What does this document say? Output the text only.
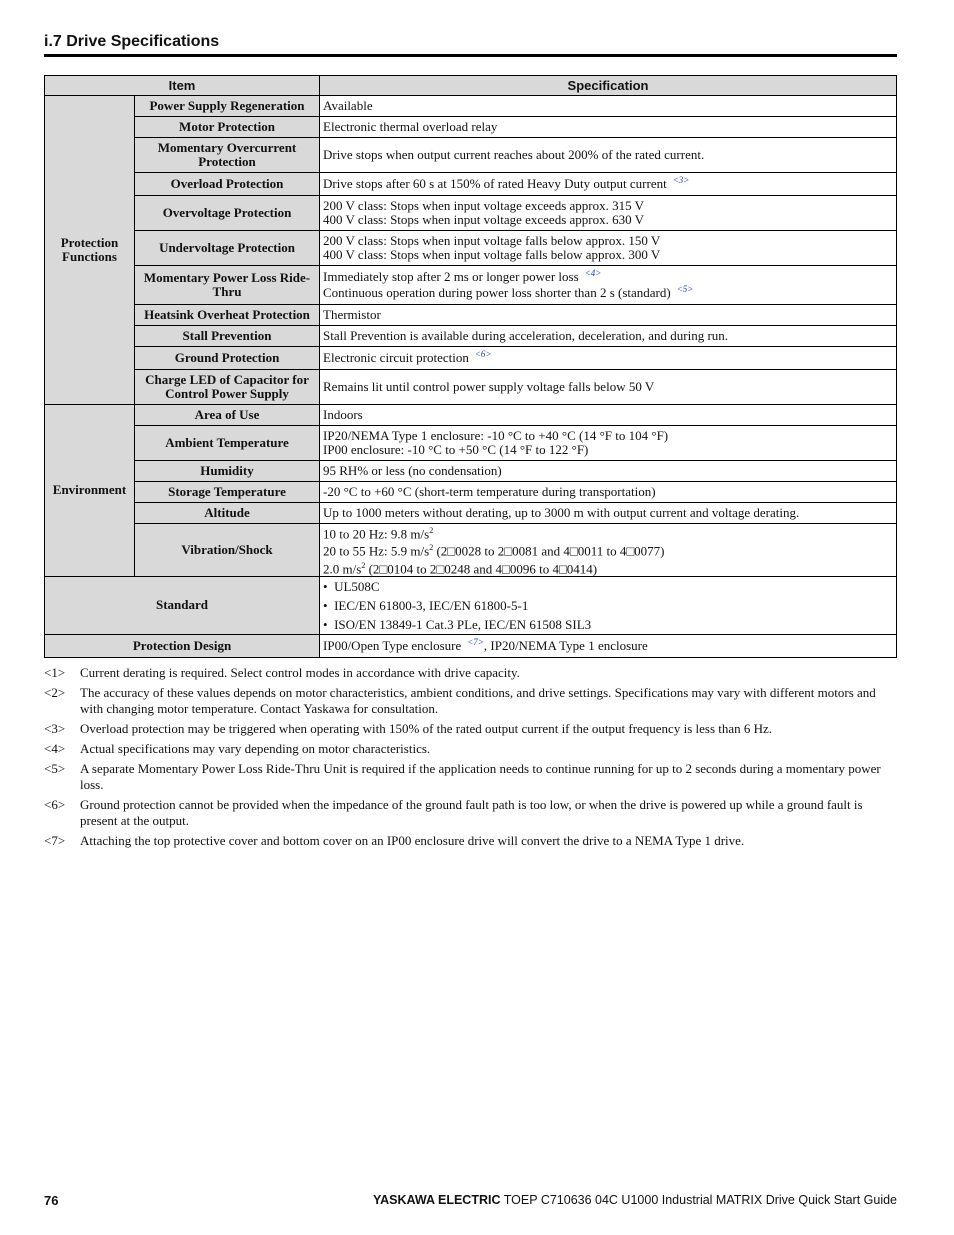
i.7 Drive Specifications
Item		Specification
Protection Functions	Power Supply Regeneration	Available
	Motor Protection	Electronic thermal overload relay
	Momentary Overcurrent Protection	Drive stops when output current reaches about 200% of the rated current.
	Overload Protection	Drive stops after 60 s at 150% of rated Heavy Duty output current $^{<3>}$
	Overvoltage Protection	200 V class: Stops when input voltage exceeds approx. 315 V
400 V class: Stops when input voltage exceeds approx. 630 V

	Undervoltage Protection	200 V class: Stops when input voltage falls below approx. 150 V
400 V class: Stops when input voltage falls below approx. 300 V

	Momentary Power Loss Ride-Thru	Immediately stop after 2 ms or longer power loss $^{<4>}$
Continuous operation during power loss shorter than 2 s (standard) $^{<5>}$

	Heatsink Overheat Protection	Thermistor
	Stall Prevention	Stall Prevention is available during acceleration, deceleration, and during run.
	Ground Protection	Electronic circuit protection $^{<6>}$
	Charge LED of Capacitor for Control Power Supply	Remains lit until control power supply voltage falls below 50 V
Environment	Area of Use	Indoors
	Ambient Temperature	IP20/NEMA Type 1 enclosure: -10 °C to +40 °C (14 °F to 104 °F)
IP00 enclosure: -10 °C to +50 °C (14 °F to 122 °F)

	Humidity	95 RH% or less (no condensation)
	Storage Temperature	-20 °C to +60 °C (short-term temperature during transportation)
	Altitude	Up to 1000 meters without derating, up to 3000 m with output current and voltage derating.
	Vibration/Shock	10 to 20 Hz: 9.8 $m/s^2$
20 to 55 Hz: 5.9 $m/s^2$ (2□0028 to 2□0081 and 4□0011 to 4□0077)
2.0 $m/s^2$ (2□0104 to 2□0248 and 4□0096 to 4□0414)

Standard		•  UL508C
•  IEC/EN 61800-3, IEC/EN 61800-5-1
•  ISO/EN 13849-1 Cat.3 PLe, IEC/EN 61508 SIL3

Protection Design		IP00/Open Type enclosure $^{<7>}$, IP20/NEMA Type 1 enclosure
<1>	Current derating is required. Select control modes in accordance with drive capacity.
<2>	The accuracy of these values depends on motor characteristics, ambient conditions, and drive settings. Specifications may vary with different motors and with changing motor temperature. Contact Yaskawa for consultation.
<3>	Overload protection may be triggered when operating with 150% of the rated output current if the output frequency is less than 6 Hz.
<4>	Actual specifications may vary depending on motor characteristics.
<5>	A separate Momentary Power Loss Ride-Thru Unit is required if the application needs to continue running for up to 2 seconds during a momentary power loss.
<6>	Ground protection cannot be provided when the impedance of the ground fault path is too low, or when the drive is powered up while a ground fault is present at the output.
<7>	Attaching the top protective cover and bottom cover on an IP00 enclosure drive will convert the drive to a NEMA Type 1 drive.
76	YASKAWA ELECTRIC TOEP C710636 04C U1000 Industrial MATRIX Drive Quick Start Guide
